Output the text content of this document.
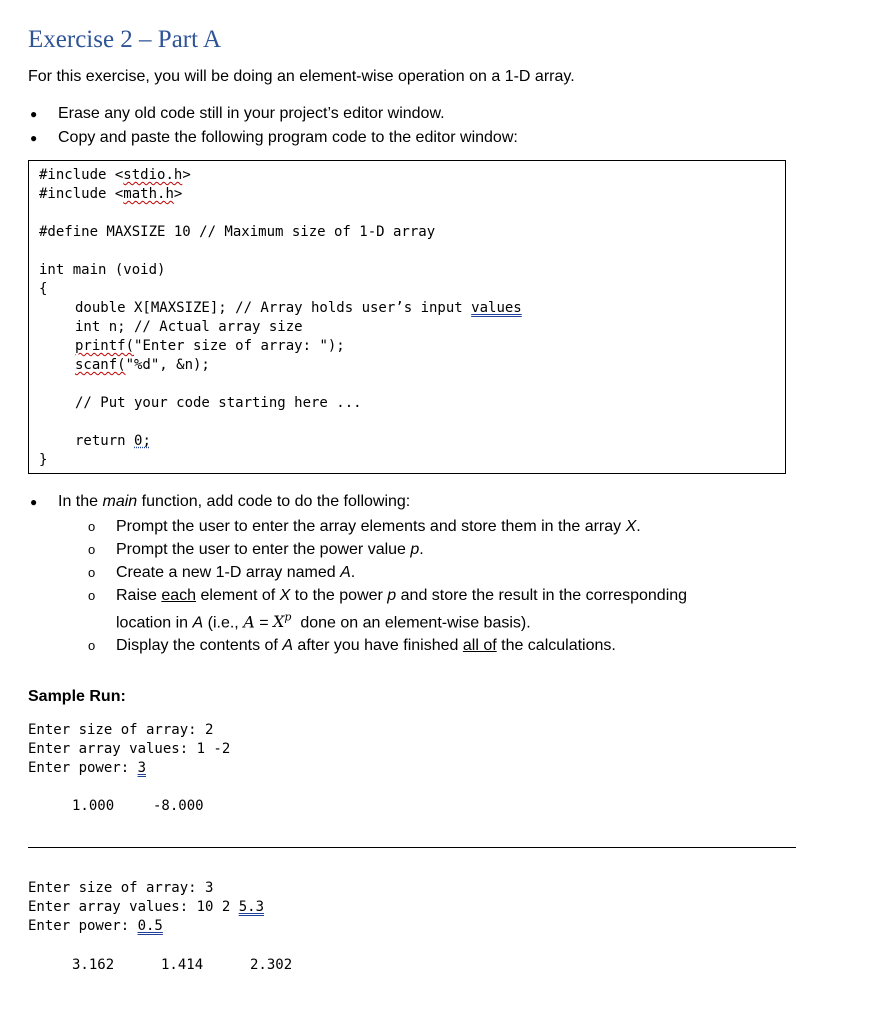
Exercise 2 – Part A
For this exercise, you will be doing an element-wise operation on a 1-D array.
● Erase any old code still in your project’s editor window.
● Copy and paste the following program code to the editor window:
#include <stdio.h>
#include <math.h>
#define MAXSIZE 10 // Maximum size of 1-D array
int main (void)
{
double X[MAXSIZE]; // Array holds user’s input values
int n; // Actual array size
printf("Enter size of array: ");
scanf("%d", &n);
// Put your code starting here ...
return 0;
}
● In the main function, add code to do the following:
o Prompt the user to enter the array elements and store them in the array X.
o Prompt the user to enter the power value p.
o Create a new 1-D array named A.
o Raise each element of X to the power p and store the result in the corresponding
location in A (i.e., $A = X^p$  done on an element-wise basis).
o Display the contents of A after you have finished all of the calculations.
Sample Run:
Enter size of array: 2
Enter array values: 1 -2
Enter power: 3
1.000	-8.000
Enter size of array: 3
Enter array values: 10 2 5.3
Enter power: 0.5
3.162	1.414	2.302
